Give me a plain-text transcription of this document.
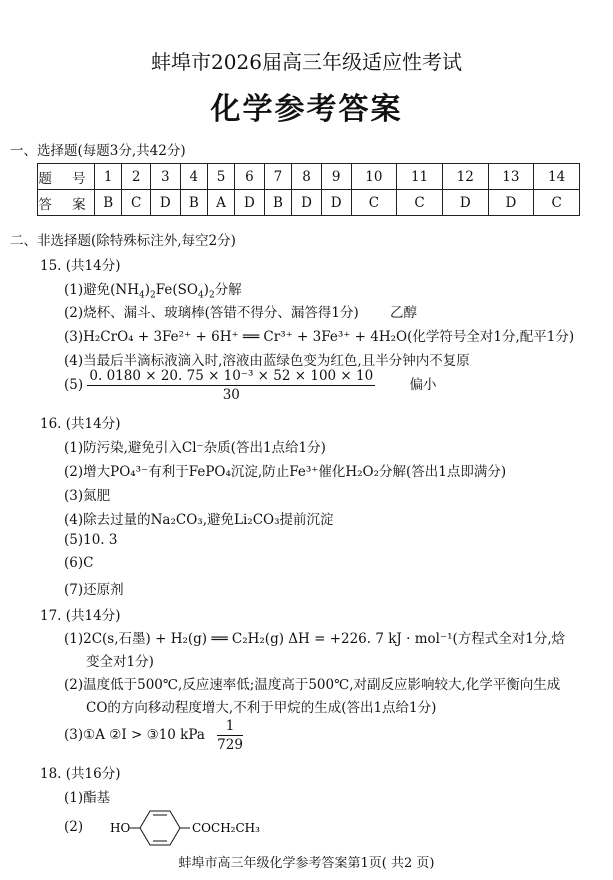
蚌埠市2026届高三年级适应性考试
化学参考答案
一、选择题(每题3分,共42分)
题 号	1	2	3	4	5	6	7	8	9	10	11	12	13	14
答 案	B	C	D	B	A	D	B	D	D	C	C	D	D	C
二、非选择题(除特殊标注外,每空2分)
15. (共14分)
(1)避免$(NH_4)_2Fe(SO_4)_2$分解
(2)烧杯、漏斗、玻璃棒(答错不得分、漏答得1分) 乙醇
(3)H₂CrO₄ + 3Fe²⁺ + 6H⁺ ══ Cr³⁺ + 3Fe³⁺ + 4H₂O(化学符号全对1分,配平1分)
(4)当最后半滴标液滴入时,溶液由蓝绿色变为红色,且半分钟内不复原
$(5) \frac{\text{0. 0180 × 20. 75 × 10⁻³ × 52 × 100 × 10}}{30}$	偏小
16. (共14分)
(1)防污染,避免引入Cl⁻杂质(答出1点给1分)
(2)增大PO₄³⁻有利于FePO₄沉淀,防止Fe³⁺催化H₂O₂分解(答出1点即满分)
(3)氮肥
(4)除去过量的Na₂CO₃,避免Li₂CO₃提前沉淀
(5)10. 3
(6)C
(7)还原剂
17. (共14分)
(1)2C(s,石墨) + H₂(g) ══ C₂H₂(g) ΔH = +226. 7 kJ · mol⁻¹(方程式全对1分,焓
变全对1分)
(2)温度低于500℃,反应速率低;温度高于500℃,对副反应影响较大,化学平衡向生成
CO的方向移动程度增大,不利于甲烷的生成(答出1点给1分)
(3)①A ②Ⅰ > ③10 kPa $\frac{1}{729}$
18. (共16分)
(1)酯基
(2) HO	COCH₂CH₃
蚌埠市高三年级化学参考答案第1页( 共2 页)
